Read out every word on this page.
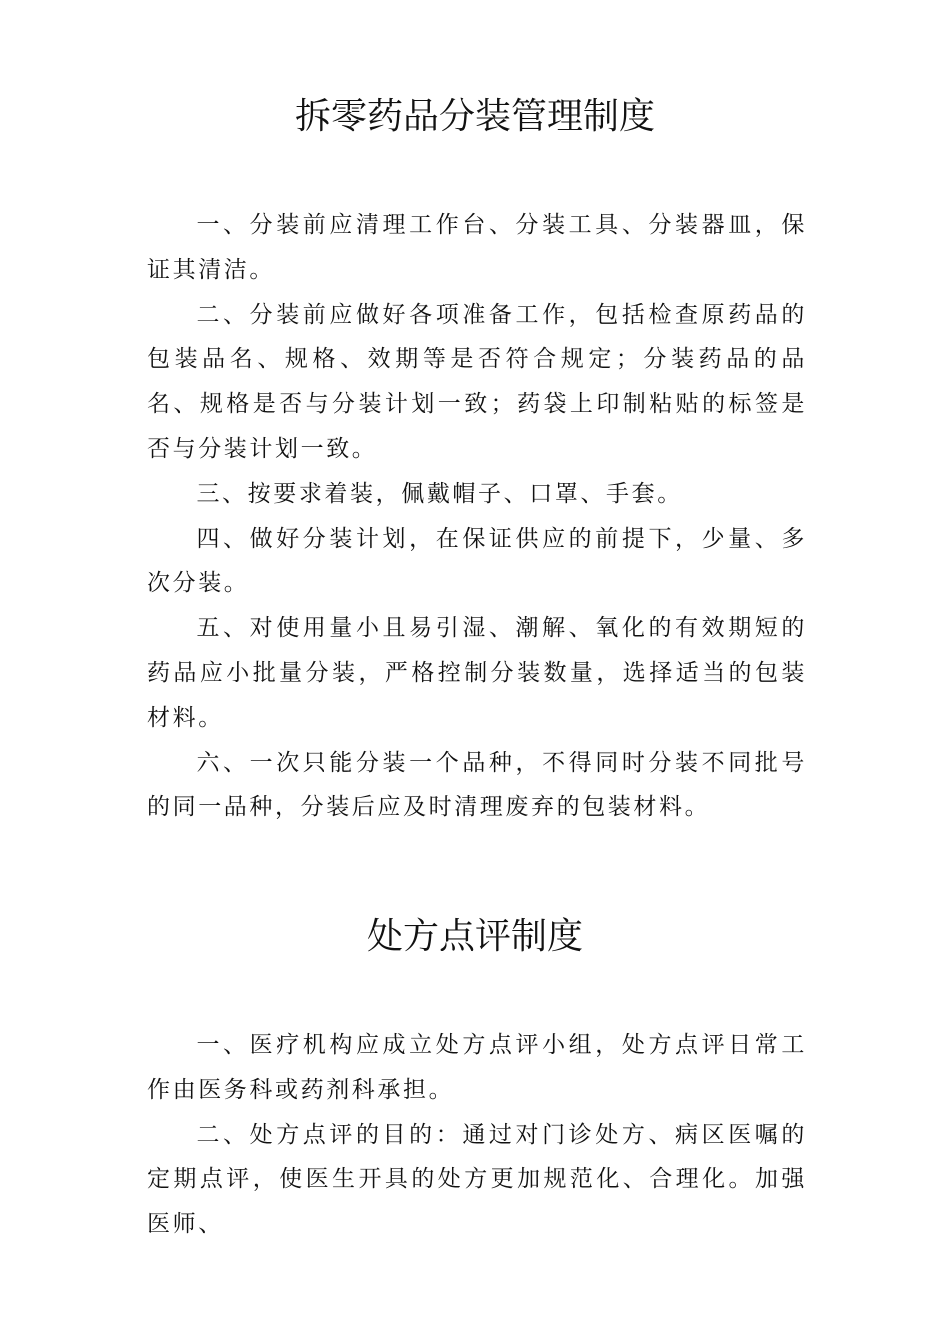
拆零药品分装管理制度

一、分装前应清理工作台、分装工具、分装器皿，保证其清洁。

二、分装前应做好各项准备工作，包括检查原药品的包装品名、规格、效期等是否符合规定；分装药品的品名、规格是否与分装计划一致；药袋上印制粘贴的标签是否与分装计划一致。

三、按要求着装，佩戴帽子、口罩、手套。

四、做好分装计划，在保证供应的前提下，少量、多次分装。

五、对使用量小且易引湿、潮解、氧化的有效期短的药品应小批量分装，严格控制分装数量，选择适当的包装材料。

六、一次只能分装一个品种，不得同时分装不同批号的同一品种，分装后应及时清理废弃的包装材料。

处方点评制度

一、医疗机构应成立处方点评小组，处方点评日常工作由医务科或药剂科承担。

二、处方点评的目的：通过对门诊处方、病区医嘱的定期点评，使医生开具的处方更加规范化、合理化。加强医师、
